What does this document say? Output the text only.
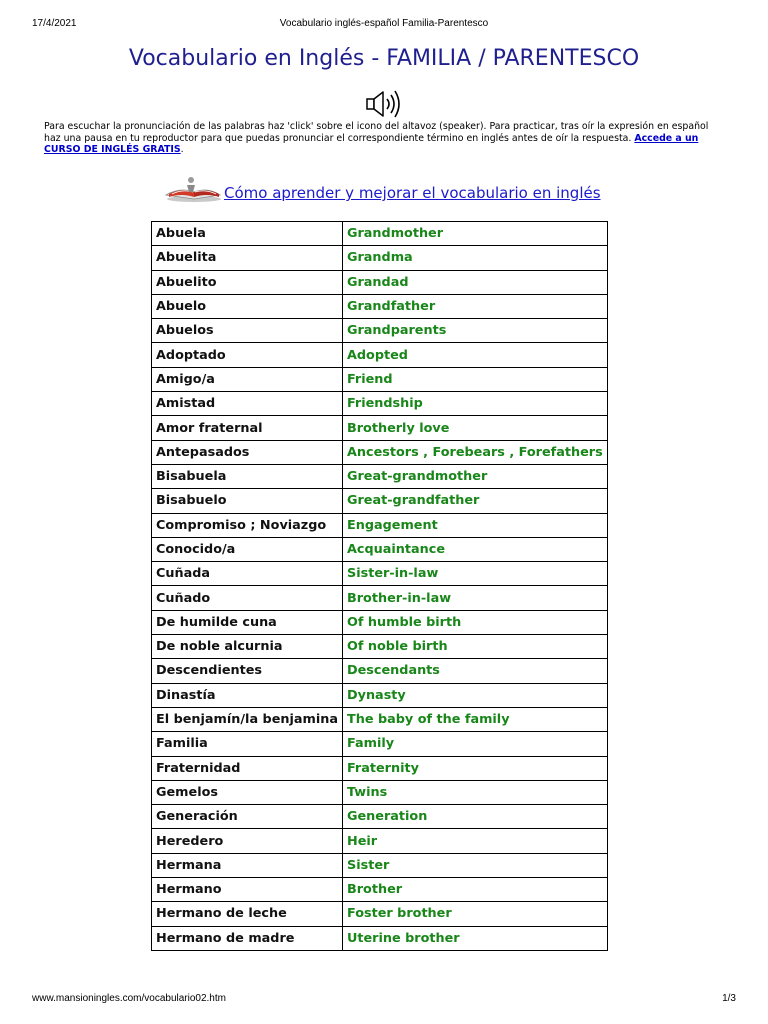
17/4/2021	Vocabulario inglés-español Familia-Parentesco
Vocabulario en Inglés - FAMILIA / PARENTESCO

Para escuchar la pronunciación de las palabras haz 'click' sobre el icono del altavoz (speaker). Para practicar, tras oír la expresión en español haz una pausa en tu reproductor para que puedas pronunciar el correspondiente término en inglés antes de oír la respuesta. Accede a un CURSO DE INGLÉS GRATIS.

Cómo aprender y mejorar el vocabulario en inglés
Abuela	Grandmother
Abuelita	Grandma
Abuelito	Grandad
Abuelo	Grandfather
Abuelos	Grandparents
Adoptado	Adopted
Amigo/a	Friend
Amistad	Friendship
Amor fraternal	Brotherly love
Antepasados	Ancestors , Forebears , Forefathers
Bisabuela	Great-grandmother
Bisabuelo	Great-grandfather
Compromiso ; Noviazgo	Engagement
Conocido/a	Acquaintance
Cuñada	Sister-in-law
Cuñado	Brother-in-law
De humilde cuna	Of humble birth
De noble alcurnia	Of noble birth
Descendientes	Descendants
Dinastía	Dynasty
El benjamín/la benjamina	The baby of the family
Familia	Family
Fraternidad	Fraternity
Gemelos	Twins
Generación	Generation
Heredero	Heir
Hermana	Sister
Hermano	Brother
Hermano de leche	Foster brother
Hermano de madre	Uterine brother
www.mansioningles.com/vocabulario02.htm	1/3
